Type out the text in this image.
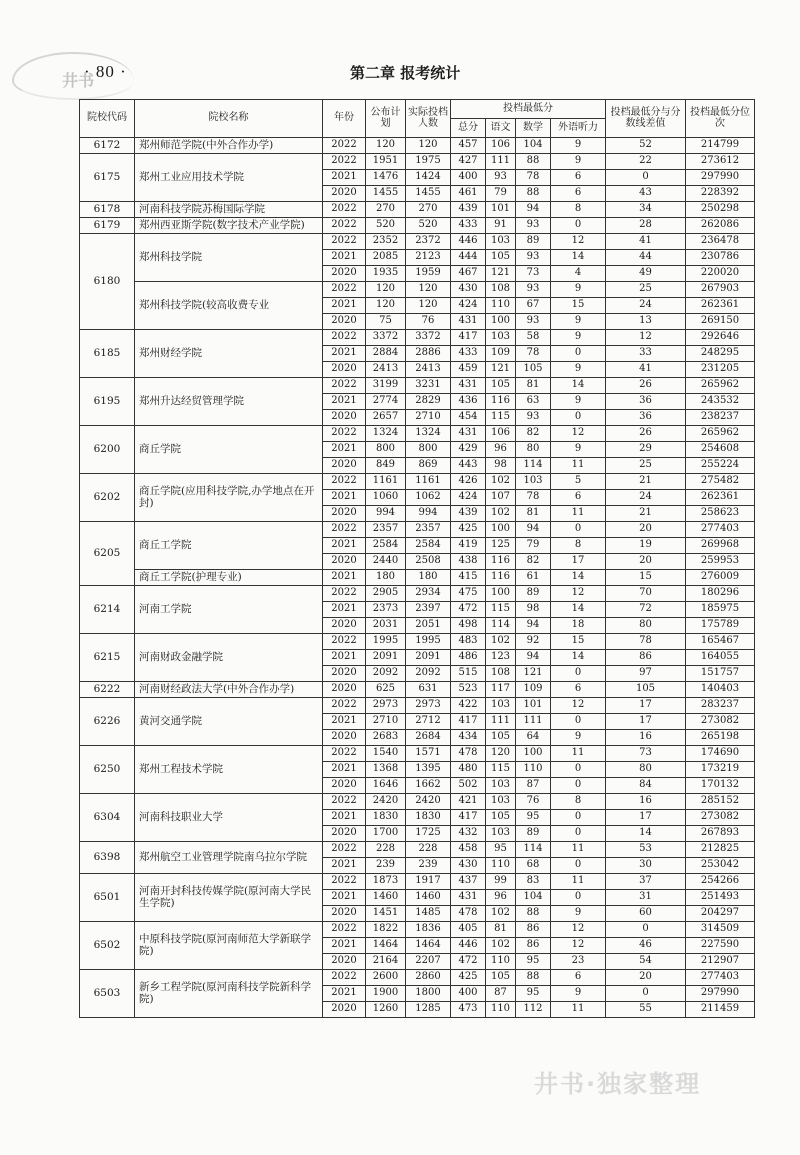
井书
· 80 ·	第二章 报考统计
院校代码	院校名称	年份	公布计划	实际投档人数	投档最低分				投档最低分与分数线差值	投档最低分位次
					总分	语文	数学	外语听力		
6172	郑州师范学院(中外合作办学)	2022	120	120	457	106	104	9	52	214799
6175	郑州工业应用技术学院	2022	1951	1975	427	111	88	9	22	273612
		2021	1476	1424	400	93	78	6	0	297990
		2020	1455	1455	461	79	88	6	43	228392
6178	河南科技学院苏梅国际学院	2022	270	270	439	101	94	8	34	250298
6179	郑州西亚斯学院(数字技术产业学院)	2022	520	520	433	91	93	0	28	262086
6180	郑州科技学院	2022	2352	2372	446	103	89	12	41	236478
		2021	2085	2123	444	105	93	14	44	230786
		2020	1935	1959	467	121	73	4	49	220020
	郑州科技学院(较高收费专业	2022	120	120	430	108	93	9	25	267903
		2021	120	120	424	110	67	15	24	262361
		2020	75	76	431	100	93	9	13	269150
6185	郑州财经学院	2022	3372	3372	417	103	58	9	12	292646
		2021	2884	2886	433	109	78	0	33	248295
		2020	2413	2413	459	121	105	9	41	231205
6195	郑州升达经贸管理学院	2022	3199	3231	431	105	81	14	26	265962
		2021	2774	2829	436	116	63	9	36	243532
		2020	2657	2710	454	115	93	0	36	238237
6200	商丘学院	2022	1324	1324	431	106	82	12	26	265962
		2021	800	800	429	96	80	9	29	254608
		2020	849	869	443	98	114	11	25	255224
6202	商丘学院(应用科技学院,办学地点在开封)	2022	1161	1161	426	102	103	5	21	275482
		2021	1060	1062	424	107	78	6	24	262361
		2020	994	994	439	102	81	11	21	258623
6205	商丘工学院	2022	2357	2357	425	100	94	0	20	277403
		2021	2584	2584	419	125	79	8	19	269968
		2020	2440	2508	438	116	82	17	20	259953
	商丘工学院(护理专业)	2021	180	180	415	116	61	14	15	276009
6214	河南工学院	2022	2905	2934	475	100	89	12	70	180296
		2021	2373	2397	472	115	98	14	72	185975
		2020	2031	2051	498	114	94	18	80	175789
6215	河南财政金融学院	2022	1995	1995	483	102	92	15	78	165467
		2021	2091	2091	486	123	94	14	86	164055
		2020	2092	2092	515	108	121	0	97	151757
6222	河南财经政法大学(中外合作办学)	2020	625	631	523	117	109	6	105	140403
6226	黄河交通学院	2022	2973	2973	422	103	101	12	17	283237
		2021	2710	2712	417	111	111	0	17	273082
		2020	2683	2684	434	105	64	9	16	265198
6250	郑州工程技术学院	2022	1540	1571	478	120	100	11	73	174690
		2021	1368	1395	480	115	110	0	80	173219
		2020	1646	1662	502	103	87	0	84	170132
6304	河南科技职业大学	2022	2420	2420	421	103	76	8	16	285152
		2021	1830	1830	417	105	95	0	17	273082
		2020	1700	1725	432	103	89	0	14	267893
6398	郑州航空工业管理学院南乌拉尔学院	2022	228	228	458	95	114	11	53	212825
		2021	239	239	430	110	68	0	30	253042
6501	河南开封科技传媒学院(原河南大学民生学院)	2022	1873	1917	437	99	83	11	37	254266
		2021	1460	1460	431	96	104	0	31	251493
		2020	1451	1485	478	102	88	9	60	204297
6502	中原科技学院(原河南师范大学新联学院)	2022	1822	1836	405	81	86	12	0	314509
		2021	1464	1464	446	102	86	12	46	227590
		2020	2164	2207	472	110	95	23	54	212907
6503	新乡工程学院(原河南科技学院新科学院)	2022	2600	2860	425	105	88	6	20	277403
		2021	1900	1800	400	87	95	9	0	297990
		2020	1260	1285	473	110	112	11	55	211459
井书·独家整理
